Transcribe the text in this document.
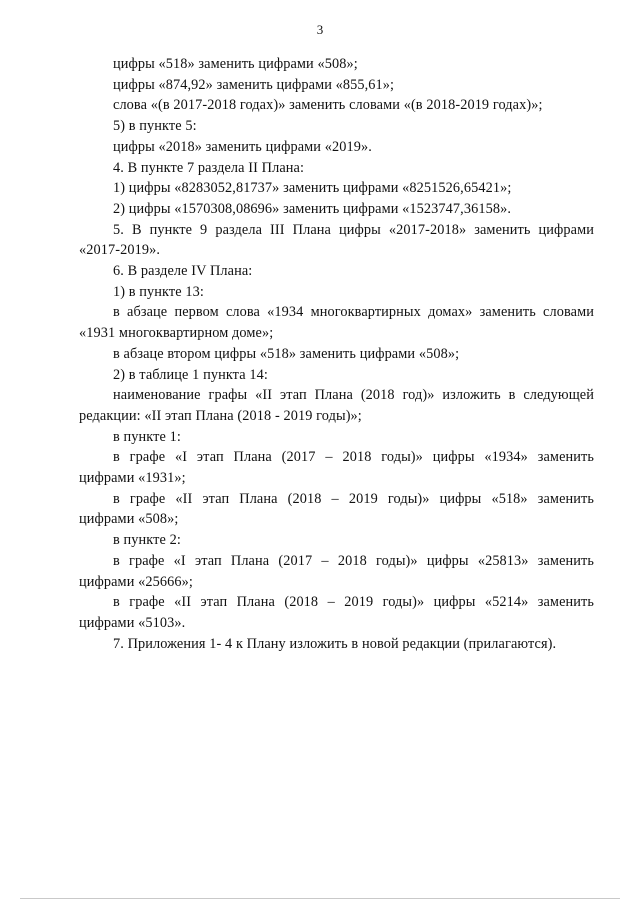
3
цифры «518» заменить цифрами «508»;
цифры «874,92» заменить цифрами «855,61»;
слова «(в 2017-2018 годах)» заменить словами «(в 2018-2019 годах)»;
5) в пункте 5:
цифры «2018» заменить цифрами «2019».
4. В пункте 7 раздела II Плана:
1) цифры «8283052,81737» заменить цифрами «8251526,65421»;
2) цифры «1570308,08696» заменить цифрами «1523747,36158».
5. В пункте 9 раздела III Плана цифры «2017-2018» заменить цифрами
«2017-2019».
6. В разделе IV Плана:
1) в пункте 13:
в абзаце первом слова «1934 многоквартирных домах» заменить словами
«1931 многоквартирном доме»;
в абзаце втором цифры «518» заменить цифрами «508»;
2) в таблице 1 пункта 14:
наименование графы «II этап Плана (2018 год)» изложить в следующей
редакции: «II этап Плана (2018 - 2019 годы)»;
в пункте 1:
в графе «I этап Плана (2017 – 2018 годы)» цифры «1934» заменить
цифрами «1931»;
в графе «II этап Плана (2018 – 2019 годы)» цифры «518» заменить
цифрами «508»;
в пункте 2:
в графе «I этап Плана (2017 – 2018 годы)» цифры «25813» заменить
цифрами «25666»;
в графе «II этап Плана (2018 – 2019 годы)» цифры «5214» заменить
цифрами «5103».
7. Приложения 1- 4 к Плану изложить в новой редакции (прилагаются).
